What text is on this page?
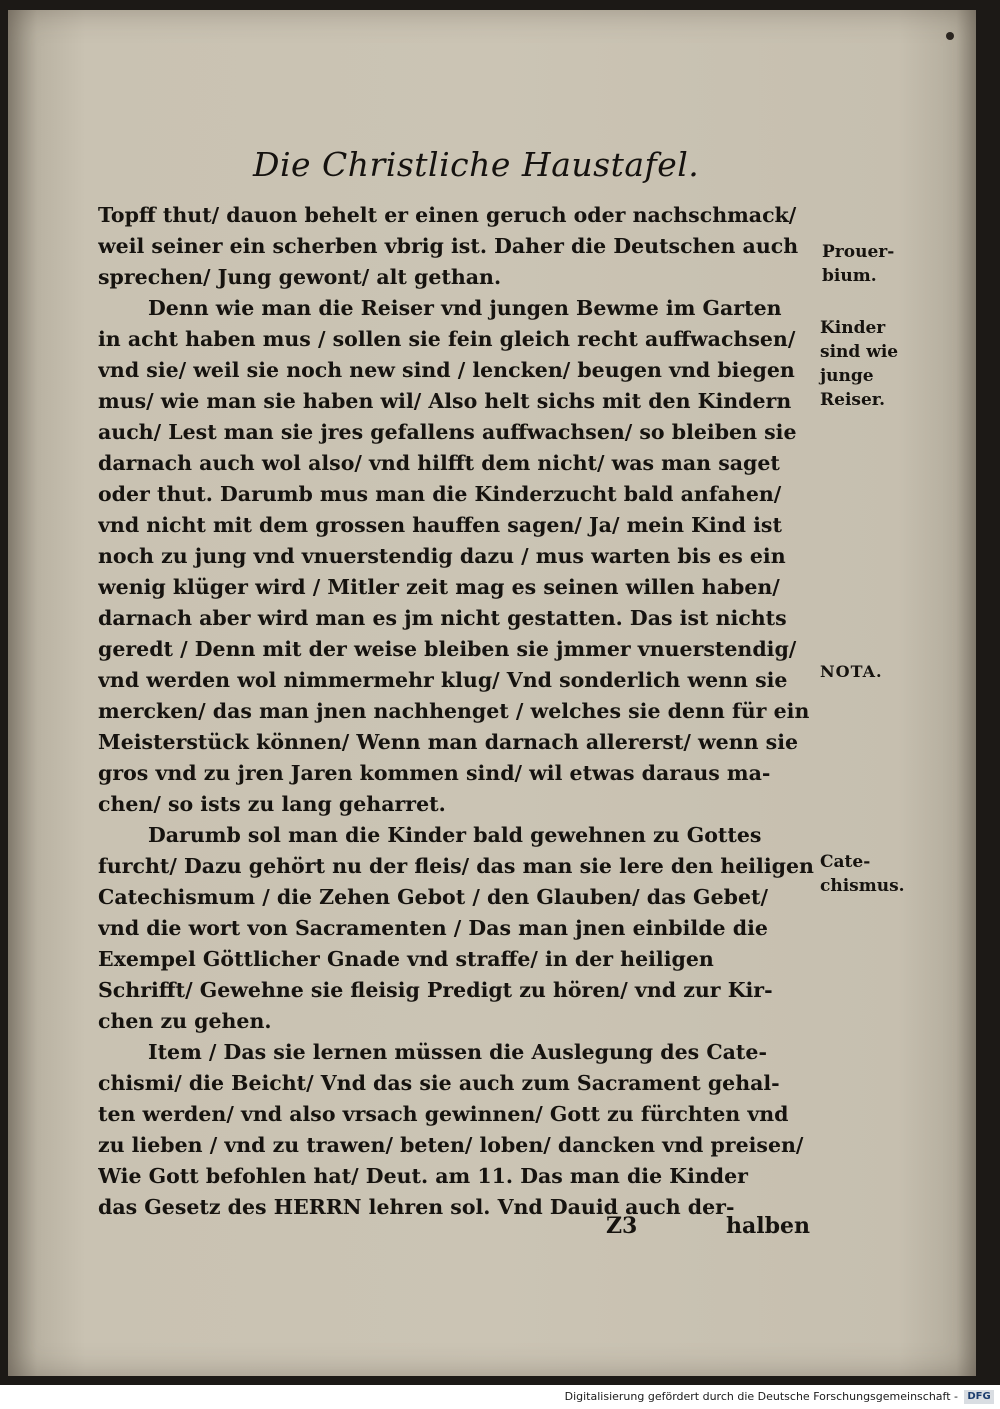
Die Christliche Haustafel.
Topff thut/ dauon behelt er einen geruch oder nachschmack/
weil seiner ein scherben vbrig ist. Daher die Deutschen auch
sprechen/ Jung gewont/ alt gethan.
Denn wie man die Reiser vnd jungen Bewme im Garten
in acht haben mus / sollen sie fein gleich recht auffwachsen/
vnd sie/ weil sie noch new sind / lencken/ beugen vnd biegen
mus/ wie man sie haben wil/ Also helt sichs mit den Kindern
auch/ Lest man sie jres gefallens auffwachsen/ so bleiben sie
darnach auch wol also/ vnd hilfft dem nicht/ was man saget
oder thut. Darumb mus man die Kinderzucht bald anfahen/
vnd nicht mit dem grossen hauffen sagen/ Ja/ mein Kind ist
noch zu jung vnd vnuerstendig dazu / mus warten bis es ein
wenig klüger wird / Mitler zeit mag es seinen willen haben/
darnach aber wird man es jm nicht gestatten. Das ist nichts
geredt / Denn mit der weise bleiben sie jmmer vnuerstendig/
vnd werden wol nimmermehr klug/ Vnd sonderlich wenn sie
mercken/ das man jnen nachhenget / welches sie denn für ein
Meisterstück können/ Wenn man darnach allererst/ wenn sie
gros vnd zu jren Jaren kommen sind/ wil etwas daraus ma-
chen/ so ists zu lang geharret.
Darumb sol man die Kinder bald gewehnen zu Gottes
furcht/ Dazu gehört nu der fleis/ das man sie lere den heiligen
Catechismum / die Zehen Gebot / den Glauben/ das Gebet/
vnd die wort von Sacramenten / Das man jnen einbilde die
Exempel Göttlicher Gnade vnd straffe/ in der heiligen
Schrifft/ Gewehne sie fleisig Predigt zu hören/ vnd zur Kir-
chen zu gehen.
Item / Das sie lernen müssen die Auslegung des Cate-
chismi/ die Beicht/ Vnd das sie auch zum Sacrament gehal-
ten werden/ vnd also vrsach gewinnen/ Gott zu fürchten vnd
zu lieben / vnd zu trawen/ beten/ loben/ dancken vnd preisen/
Wie Gott befohlen hat/ Deut. am 11. Das man die Kinder
das Gesetz des HERRN lehren sol. Vnd Dauid auch der-
Prouer-
bium.
Kinder
sind wie
junge
Reiser.
NOTA.
Cate-
chismus.
Z3	halben
Digitalisierung gefördert durch die Deutsche Forschungsgemeinschaft - DFG
